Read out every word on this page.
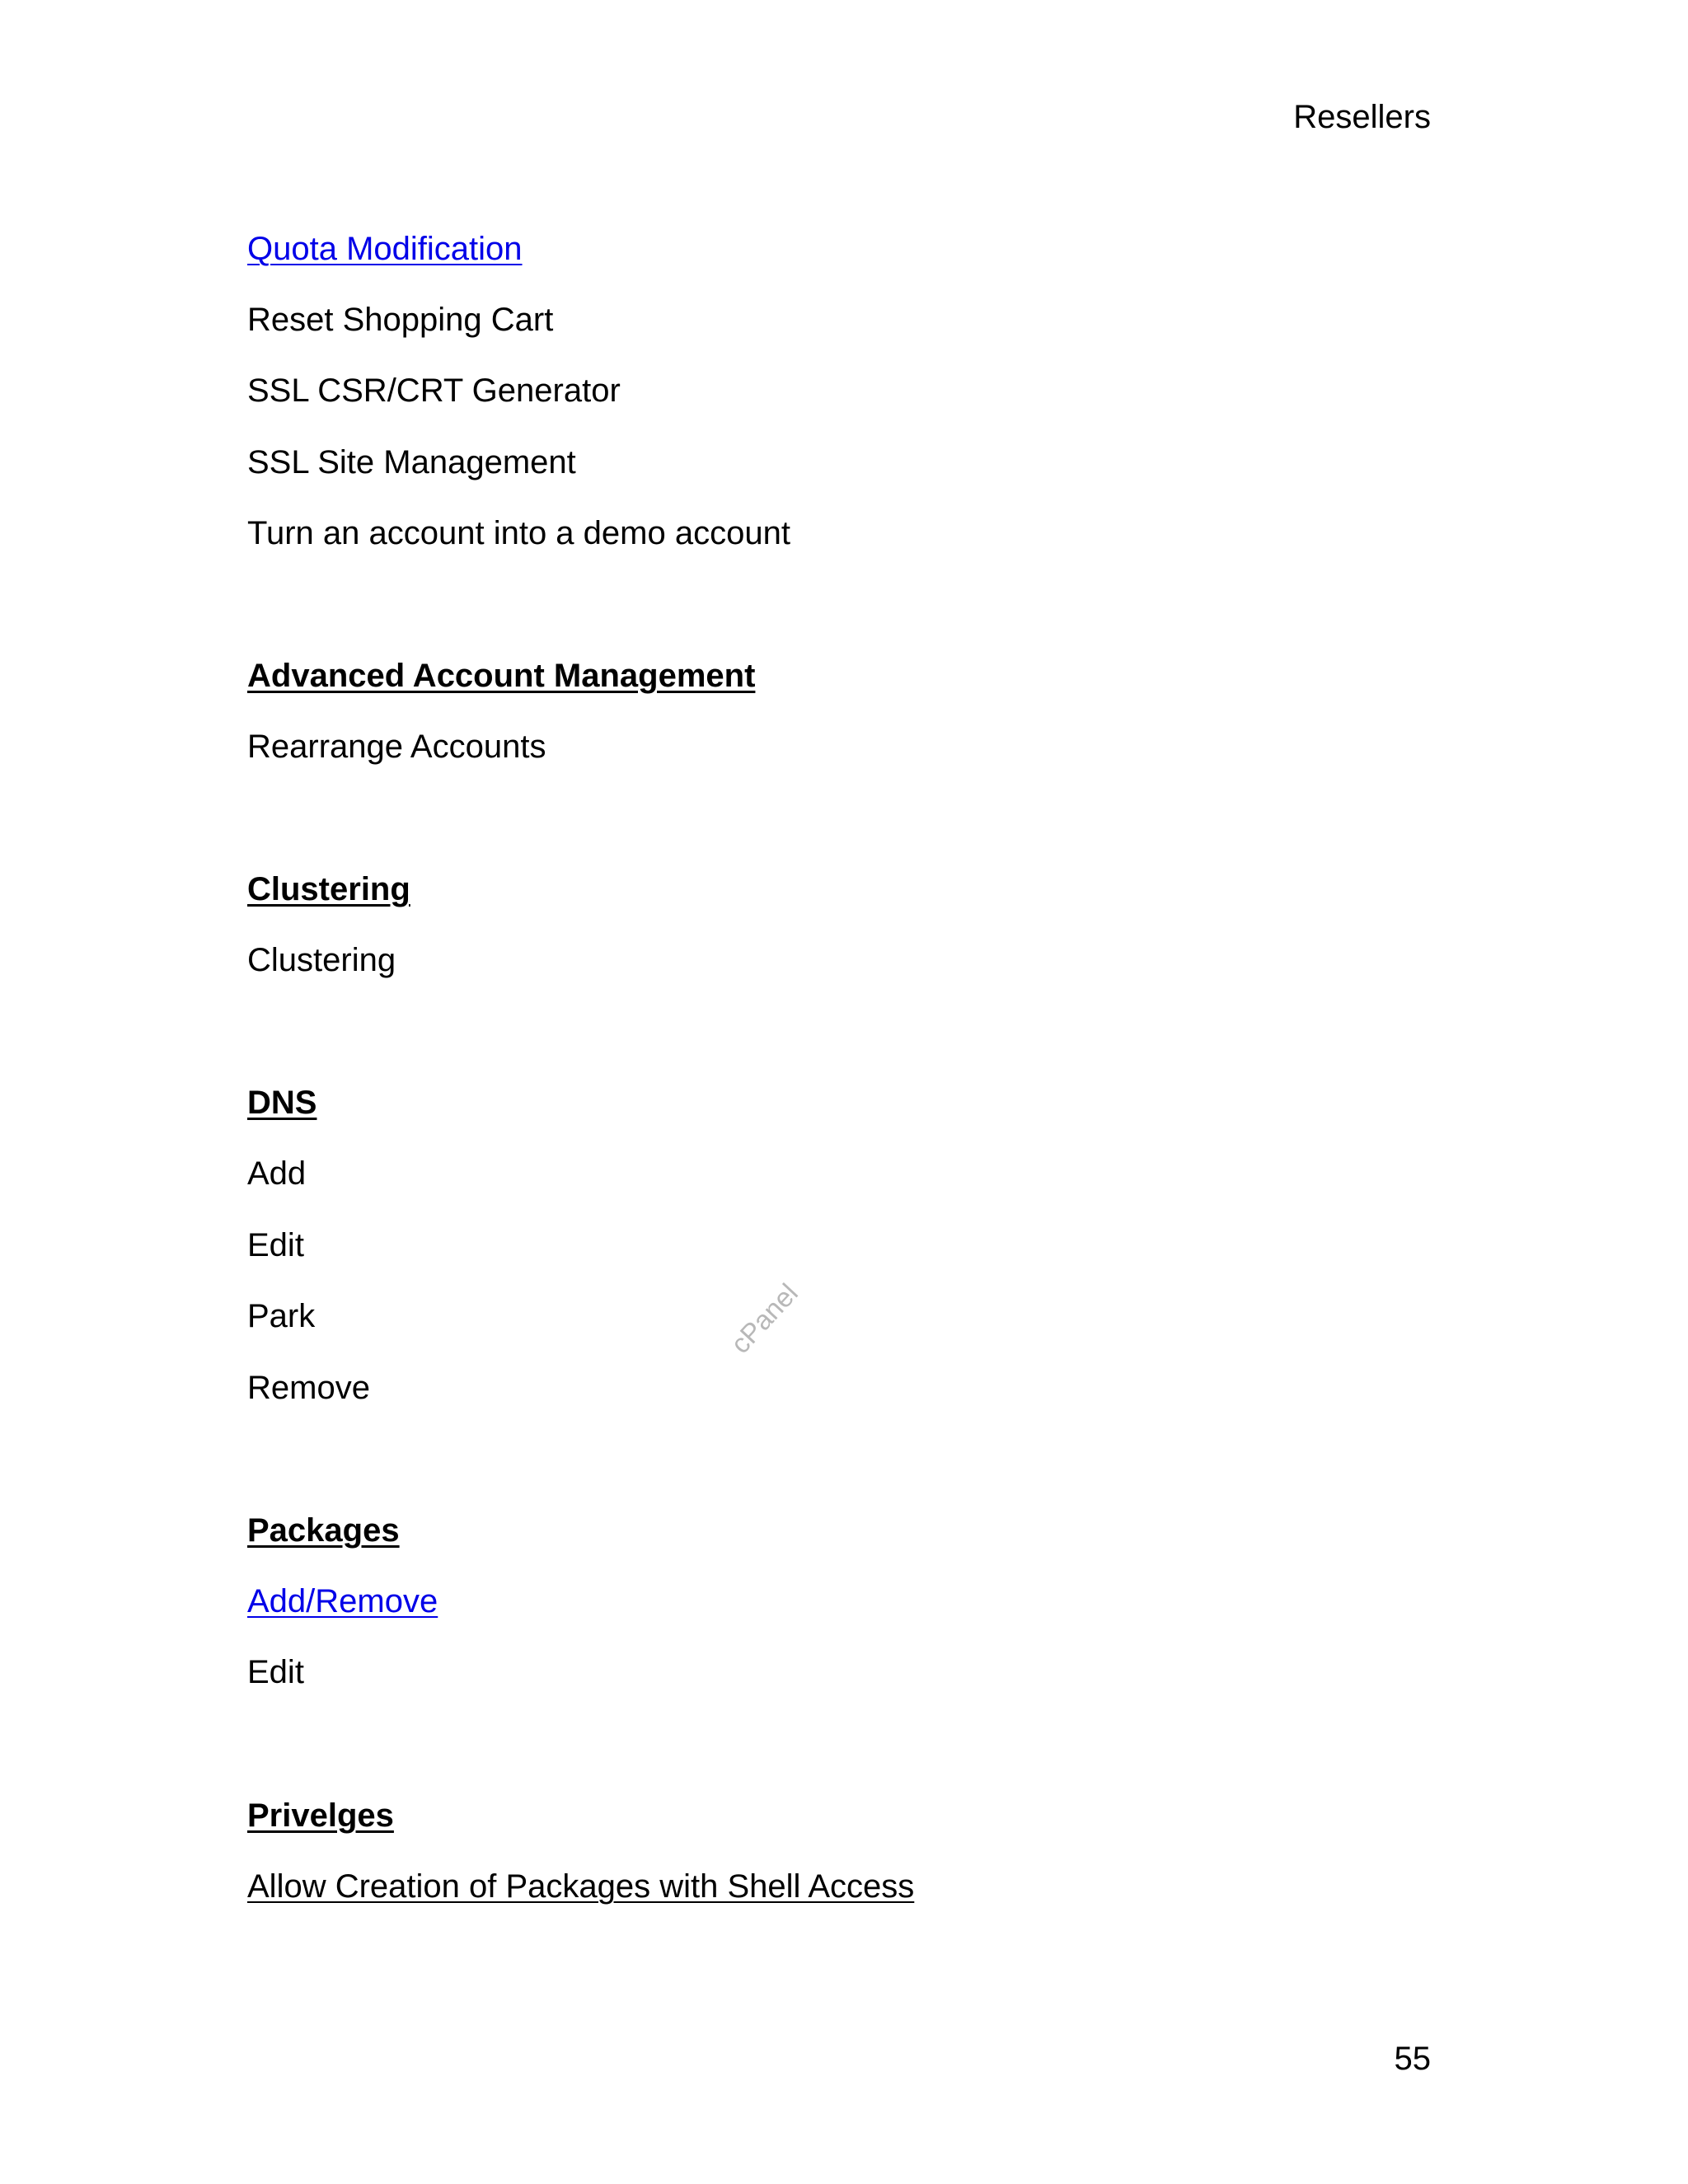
Resellers
Quota Modification
Reset Shopping Cart
SSL CSR/CRT Generator
SSL Site Management
Turn an account into a demo account
Advanced Account Management
Rearrange Accounts
Clustering
Clustering
DNS
Add
Edit
Park
Remove
Packages
Add/Remove
Edit
Privelges
Allow Creation of Packages with Shell Access
cPanel
55
